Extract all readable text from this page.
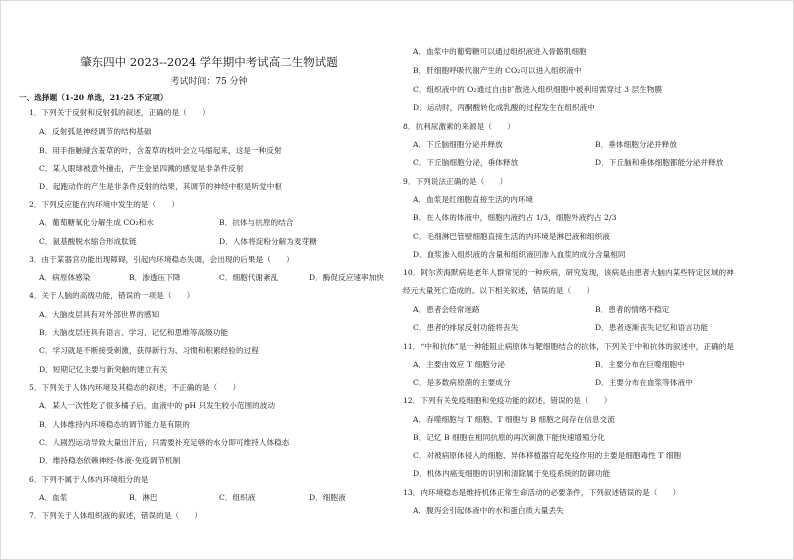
肇东四中 2023--2024 学年期中考试高二生物试题
考试时间：75 分钟
一、选择题（1-20 单选，21-25 不定项）
1．下列关于反射和反射弧的叙述，正确的是（　　）
A．反射弧是神经调节的结构基础
B．用手指触碰含羞草的叶，含羞草的枝叶会立马缩起来，这是一种反射
C．某人眼球被意外撞击，产生金星四溅的感觉是非条件反射
D．起跑动作的产生是非条件反射的结果，其调节的神经中枢是听觉中枢
2．下列反应能在内环境中发生的是（　　）
A．葡萄糖氧化分解生成 CO₂和水	B．抗体与抗原的结合
C．氨基酸脱水缩合形成肽链	D．人体将淀粉分解为麦芽糖
3．由于某器官功能出现障碍，引起内环境稳态失调，会出现的后果是（　　）
A．病原体感染	B．渗透压下降	C．细胞代谢紊乱	D．酶促反应速率加快
4．关于人脑的高级功能，错误的一项是（　　）
A．大脑皮层具有对外部世界的感知
B．大脑皮层还具有语言、学习、记忆和思维等高级功能
C．学习就是不断接受刺激，获得新行为、习惯和积累经验的过程
D．短期记忆主要与新突触的建立有关
5．下列关于人体内环境及其稳态的叙述，不正确的是（　　）
A．某人一次性吃了很多橘子后，血液中的 pH 只发生较小范围的波动
B．人体维持内环境稳态的调节能力是有限的
C．人剧烈运动导致大量出汗后，只需要补充足够的水分即可维持人体稳态
D．维持稳态依赖神经-体液-免疫调节机制
6．下列不属于人体内环境组分的是
A．血浆	B．淋巴	C．组织液	D．细胞液
7．下列关于人体组织液的叙述，错误的是（　　）
A．血浆中的葡萄糖可以通过组织液进入骨骼肌细胞
B．肝细胞呼吸代谢产生的 CO₂可以进入组织液中
C．组织液中的 O₂通过自由扩散进入组织细胞中被利用需穿过 3 层生物膜
D．运动时，丙酮酸转化成乳酸的过程发生在组织液中
8．抗利尿激素的来源是（　　）
A．下丘脑细胞分泌并释放	B．垂体细胞分泌并释放
C．下丘脑细胞分泌，垂体释放	D．下丘脑和垂体细胞都能分泌并释放
9．下列说法正确的是（　　）
A．血浆是红细胞直接生活的内环境
B．在人体的体液中，细胞内液约占 1/3，细胞外液约占 2/3
C．毛细淋巴管壁细胞直接生活的内环境是淋巴液和组织液
D．血浆渗入组织液的含量和组织液回渗入血浆的成分含量相同
10．阿尔茨海默病是老年人群常见的一种疾病，研究发现，该病是由患者大脑内某些特定区域的神
经元大量死亡造成的。以下相关叙述，错误的是（　　）
A．患者会经常迷路	B．患者的情绪不稳定
C．患者的排尿反射功能将丧失	D．患者逐渐丧失记忆和语言功能
11．“中和抗体”是一种能阻止病原体与靶细胞结合的抗体，下列关于中和抗体的叙述中，正确的是
A．主要由效应 T 细胞分泌	B．主要分布在巨噬细胞中
C．是多数病原菌的主要成分	D．主要分布在血浆等体液中
12．下列有关免疫细胞和免疫功能的叙述，错误的是（　　）
A．吞噬细胞与 T 细胞、T 细胞与 B 细胞之间存在信息交流
B．记忆 B 细胞在相同抗原的再次刺激下能快速增殖分化
C．对被病原体侵入的细胞、异体移植器官起免疫作用的主要是细胞毒性 T 细胞
D．机体内癌变细胞的识别和清除属于免疫系统的防御功能
13．内环境稳态是维持机体正常生命活动的必要条件，下列叙述错误的是（　　）
A．腹泻会引起体液中的水和蛋白质大量丢失
